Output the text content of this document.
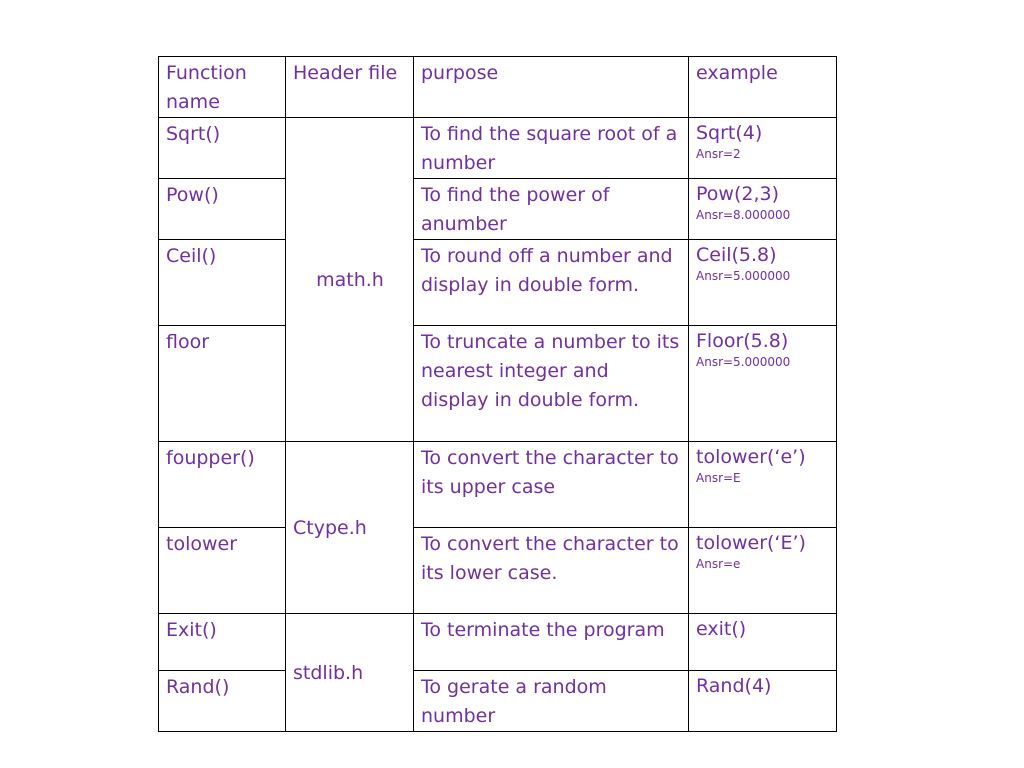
Function name	Header file	purpose	example
Sqrt()	math.h	To find the square root of a number	Sqrt(4)
Ansr=2

Pow()		To find the power of anumber	Pow(2,3)
Ansr=8.000000

Ceil()		To round off a number and display in double form.	Ceil(5.8)
Ansr=5.000000

floor		To truncate a number to its nearest integer and display in double form.	Floor(5.8)
Ansr=5.000000

foupper()	Ctype.h	To convert the character to its upper case	tolower(‘e’)
Ansr=E

tolower		To convert the character to its lower case.	tolower(‘E’)
Ansr=e

Exit()	stdlib.h	To terminate the program	exit()

Rand()		To gerate a random number	Rand(4)
